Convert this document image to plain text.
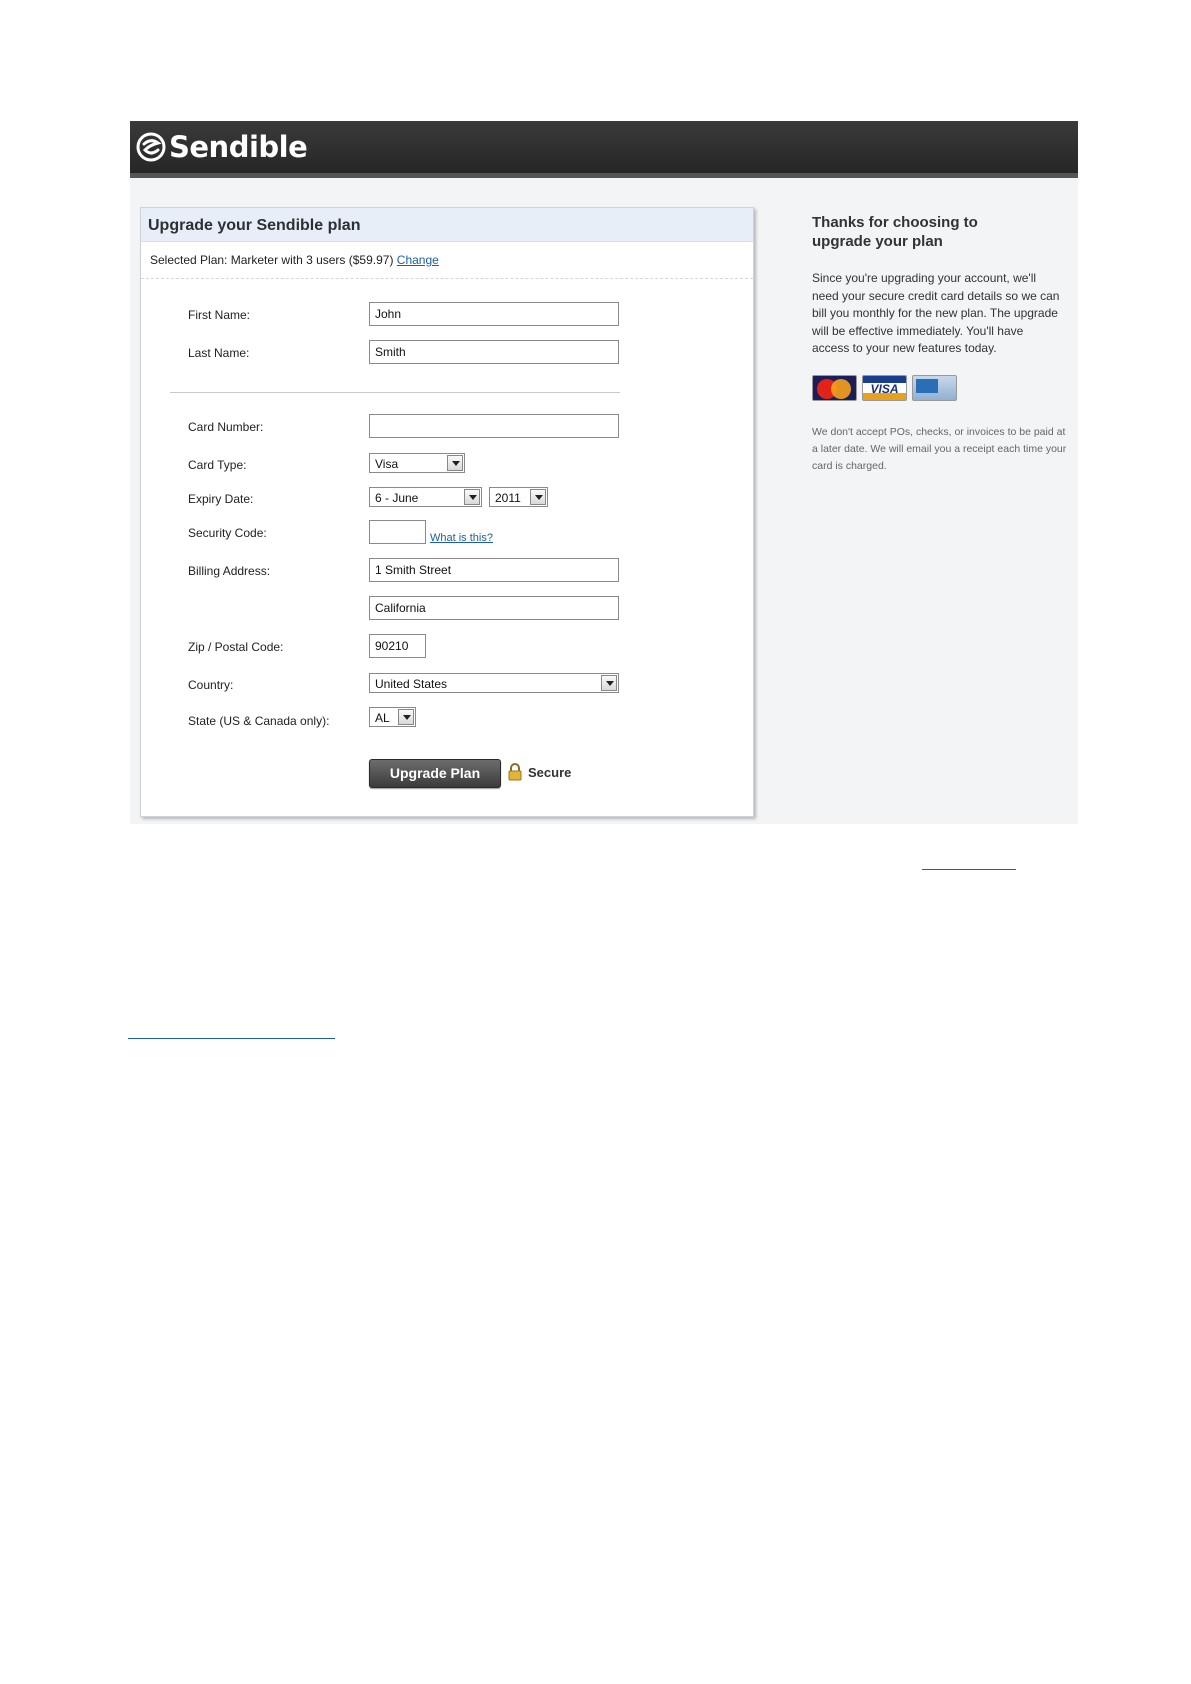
Sendible
Upgrade your Sendible plan
Selected Plan: Marketer with 3 users ($59.97) Change
First Name:
John
Last Name:
Smith
Card Number:
Card Type:	Visa
Expiry Date:	6 - June	2011
Security Code:	What is this?
Billing Address:
1 Smith Street
California
Zip / Postal Code:
90210
Country:	United States
State (US & Canada only):	AL
Upgrade Plan	Secure
Thanks for choosing to upgrade your plan
Since you're upgrading your account, we'll need your secure credit card details so we can bill you monthly for the new plan. The upgrade will be effective immediately. You'll have access to your new features today.
VISA
We don't accept POs, checks, or invoices to be paid at a later date. We will email you a receipt each time your card is charged.
